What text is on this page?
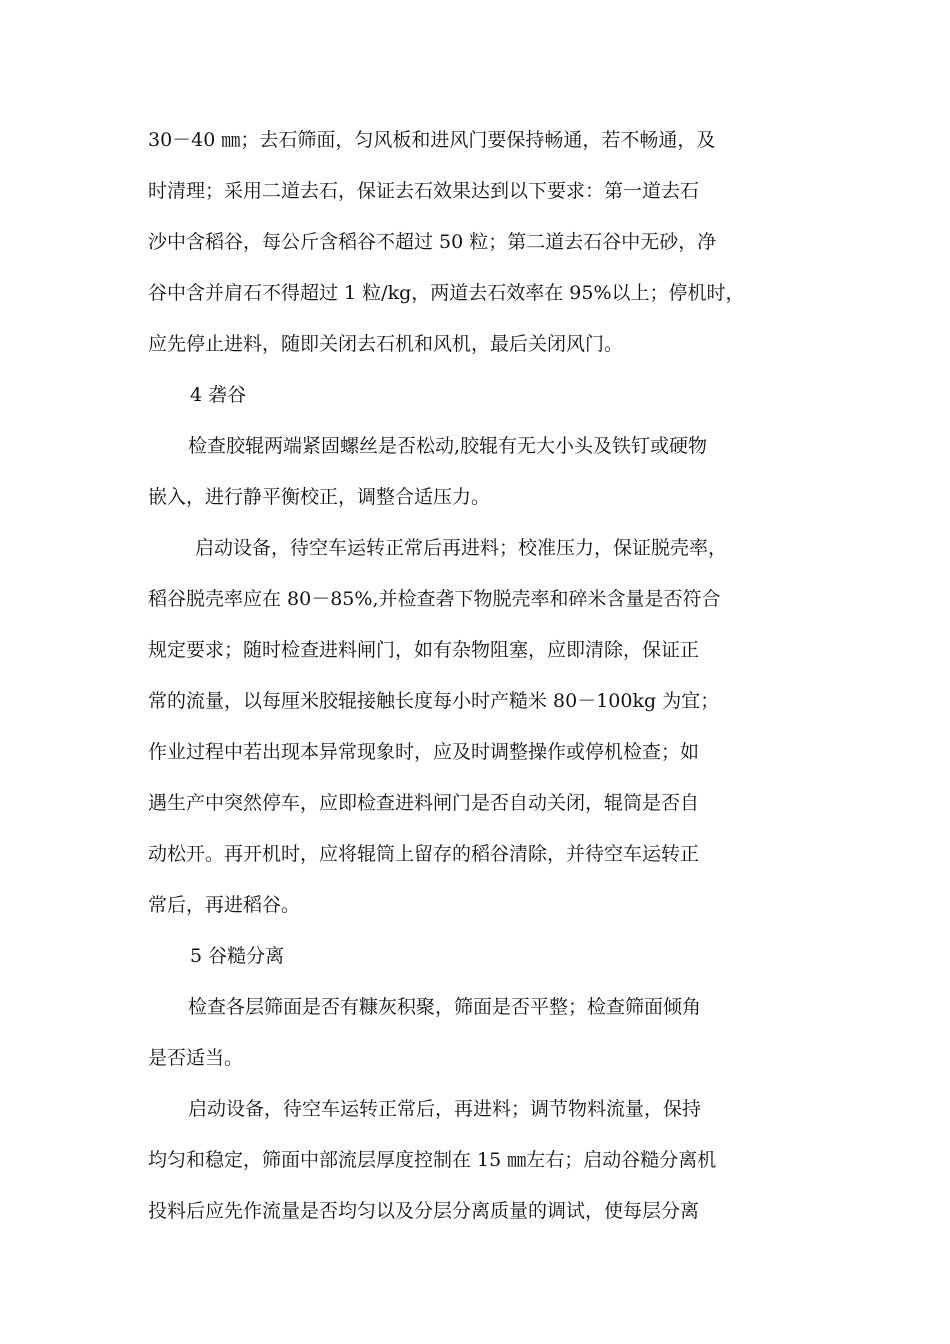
30－40 ㎜；去石筛面，匀风板和进风门要保持畅通，若不畅通，及
时清理；采用二道去石，保证去石效果达到以下要求：第一道去石
沙中含稻谷，每公斤含稻谷不超过 50 粒；第二道去石谷中无砂，净
谷中含并肩石不得超过 1 粒/kg，两道去石效率在 95%以上；停机时，
应先停止进料，随即关闭去石机和风机，最后关闭风门。
4 砻谷
检查胶辊两端紧固螺丝是否松动,胶辊有无大小头及铁钉或硬物
嵌入，进行静平衡校正，调整合适压力。
启动设备，待空车运转正常后再进料；校准压力，保证脱壳率，
稻谷脱壳率应在 80－85%,并检查砻下物脱壳率和碎米含量是否符合
规定要求；随时检查进料闸门，如有杂物阻塞，应即清除，保证正
常的流量，以每厘米胶辊接触长度每小时产糙米 80－100kg 为宜；
作业过程中若出现本异常现象时，应及时调整操作或停机检查；如
遇生产中突然停车，应即检查进料闸门是否自动关闭，辊筒是否自
动松开。再开机时，应将辊筒上留存的稻谷清除，并待空车运转正
常后，再进稻谷。
5 谷糙分离
检查各层筛面是否有糠灰积聚，筛面是否平整；检查筛面倾角
是否适当。
启动设备，待空车运转正常后，再进料；调节物料流量，保持
均匀和稳定，筛面中部流层厚度控制在 15 ㎜左右；启动谷糙分离机
投料后应先作流量是否均匀以及分层分离质量的调试，使每层分离
